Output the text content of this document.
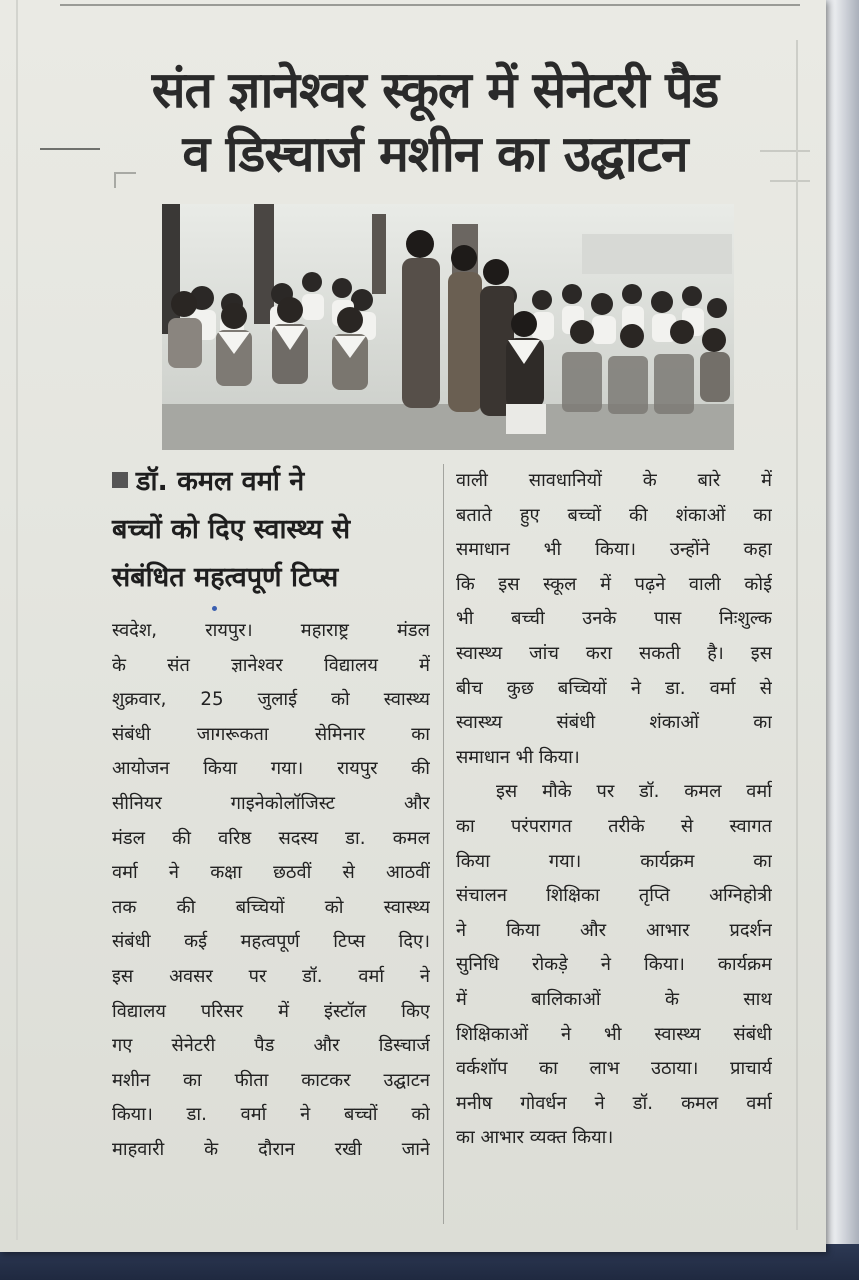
संत ज्ञानेश्वर स्कूल में सेनेटरी पैड
व डिस्चार्ज मशीन का उद्घाटन
डॉ. कमल वर्मा ने
बच्चों को दिए स्वास्थ्य से
संबंधित महत्वपूर्ण टिप्स
स्वदेश, रायपुर। महाराष्ट्र मंडल
के संत ज्ञानेश्वर विद्यालय में
शुक्रवार, 25 जुलाई को स्वास्थ्य
संबंधी जागरूकता सेमिनार का
आयोजन किया गया। रायपुर की
सीनियर गाइनेकोलॉजिस्ट और
मंडल की वरिष्ठ सदस्य डा. कमल
वर्मा ने कक्षा छठवीं से आठवीं
तक की बच्चियों को स्वास्थ्य
संबंधी कई महत्वपूर्ण टिप्स दिए।
इस अवसर पर डॉ. वर्मा ने
विद्यालय परिसर में इंस्टॉल किए
गए सेनेटरी पैड और डिस्चार्ज
मशीन का फीता काटकर उद्घाटन
किया। डा. वर्मा ने बच्चों को
माहवारी के दौरान रखी जाने
वाली सावधानियों के बारे में
बताते हुए बच्चों की शंकाओं का
समाधान भी किया। उन्होंने कहा
कि इस स्कूल में पढ़ने वाली कोई
भी बच्ची उनके पास निःशुल्क
स्वास्थ्य जांच करा सकती है। इस
बीच कुछ बच्चियों ने डा. वर्मा से
स्वास्थ्य संबंधी शंकाओं का
समाधान भी किया।
इस मौके पर डॉ. कमल वर्मा
का परंपरागत तरीके से स्वागत
किया गया। कार्यक्रम का
संचालन शिक्षिका तृप्ति अग्निहोत्री
ने किया और आभार प्रदर्शन
सुनिधि रोकड़े ने किया। कार्यक्रम
में बालिकाओं के साथ
शिक्षिकाओं ने भी स्वास्थ्य संबंधी
वर्कशॉप का लाभ उठाया। प्राचार्य
मनीष गोवर्धन ने डॉ. कमल वर्मा
का आभार व्यक्त किया।
